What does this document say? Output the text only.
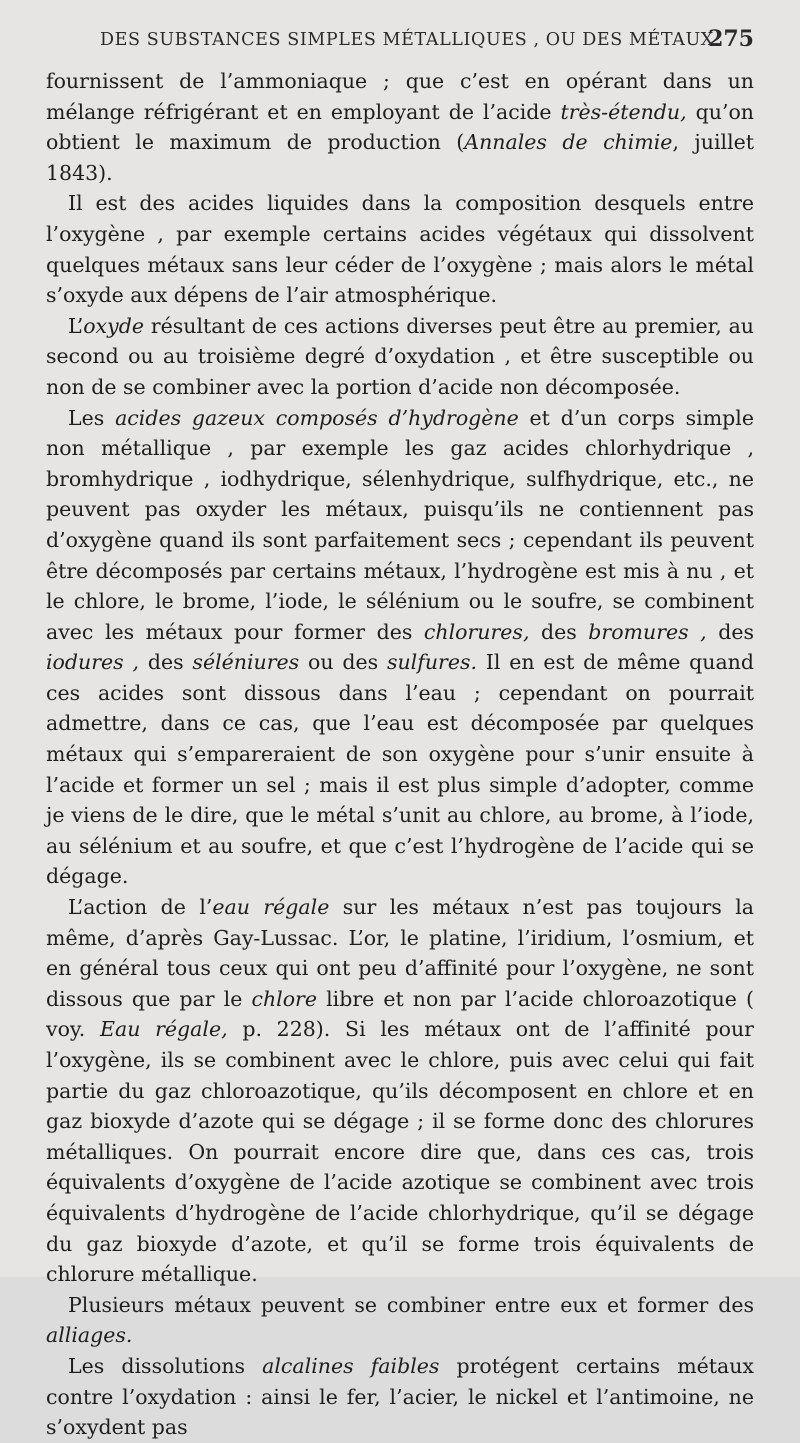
DES SUBSTANCES SIMPLES MÉTALLIQUES , OU DES MÉTAUX.
275

fournissent de l’ammoniaque ; que c’est en opérant dans un mélange réfrigérant et en employant de l’acide très-étendu, qu’on obtient le maximum de production (Annales de chimie, juillet 1843).

Il est des acides liquides dans la composition desquels entre l’oxygène , par exemple certains acides végétaux qui dissolvent quelques métaux sans leur céder de l’oxygène ; mais alors le métal s’oxyde aux dépens de l’air atmosphérique.

L’oxyde résultant de ces actions diverses peut être au premier, au second ou au troisième degré d’oxydation , et être susceptible ou non de se combiner avec la portion d’acide non décomposée.

Les acides gazeux composés d’hydrogène et d’un corps simple non métallique , par exemple les gaz acides chlorhydrique , bromhydrique , iodhydrique, sélenhydrique, sulfhydrique, etc., ne peuvent pas oxyder les métaux, puisqu’ils ne contiennent pas d’oxygène quand ils sont parfaitement secs ; cependant ils peuvent être décomposés par certains métaux, l’hydrogène est mis à nu , et le chlore, le brome, l’iode, le sélénium ou le soufre, se combinent avec les métaux pour former des chlorures, des bromures , des iodures , des séléniures ou des sulfures. Il en est de même quand ces acides sont dissous dans l’eau ; cependant on pourrait admettre, dans ce cas, que l’eau est décomposée par quelques métaux qui s’empareraient de son oxygène pour s’unir ensuite à l’acide et former un sel ; mais il est plus simple d’adopter, comme je viens de le dire, que le métal s’unit au chlore, au brome, à l’iode, au sélénium et au soufre, et que c’est l’hydrogène de l’acide qui se dégage.

L’action de l’eau régale sur les métaux n’est pas toujours la même, d’après Gay-Lussac. L’or, le platine, l’iridium, l’osmium, et en général tous ceux qui ont peu d’affinité pour l’oxygène, ne sont dissous que par le chlore libre et non par l’acide chloroazotique ( voy. Eau régale, p. 228). Si les métaux ont de l’affinité pour l’oxygène, ils se combinent avec le chlore, puis avec celui qui fait partie du gaz chloroazotique, qu’ils décomposent en chlore et en gaz bioxyde d’azote qui se dégage ; il se forme donc des chlorures métalliques. On pourrait encore dire que, dans ces cas, trois équivalents d’oxygène de l’acide azotique se combinent avec trois équivalents d’hydrogène de l’acide chlorhydrique, qu’il se dégage du gaz bioxyde d’azote, et qu’il se forme trois équivalents de chlorure métallique.

Plusieurs métaux peuvent se combiner entre eux et former des alliages.

Les dissolutions alcalines faibles protégent certains métaux contre l’oxydation : ainsi le fer, l’acier, le nickel et l’antimoine, ne s’oxydent pas
